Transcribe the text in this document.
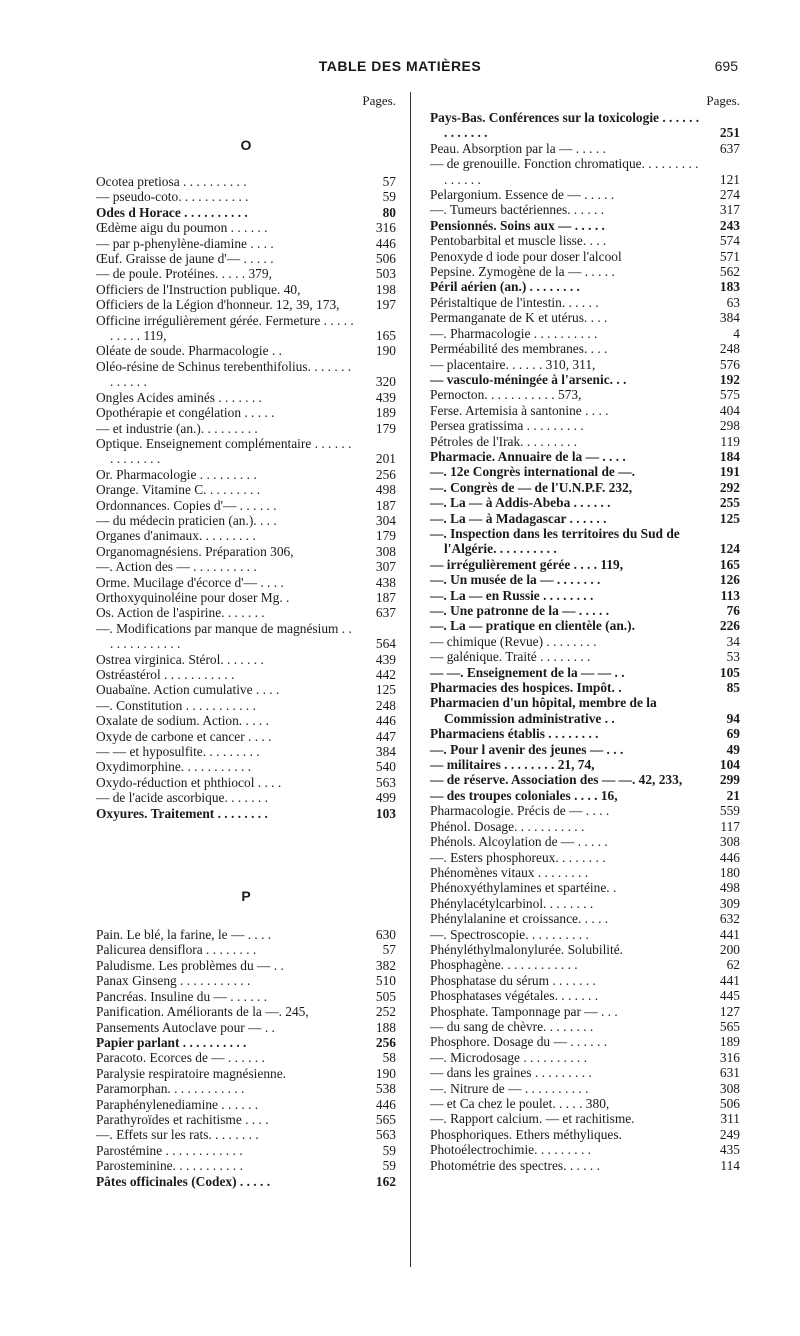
TABLE DES MATIÈRES	695
Pages.
O
Ocotea pretiosa . . . . . . . . . .	57
— pseudo-coto. . . . . . . . . . .	59
Odes d Horace . . . . . . . . . .	80
Œdème aigu du poumon . . . . . .	316
— par p-phenylène-diamine . . . .	446
Œuf. Graisse de jaune d'— . . . . .	506
— de poule. Protéines. . . . . 379,	503
Officiers de l'Instruction publique. 40,	198
Officiers de la Légion d'honneur. 12, 39, 173,	197
Officine irrégulièrement gérée. Fermeture . . . . . . . . . . 119,	165
Oléate de soude. Pharmacologie . .	190
Oléo-résine de Schinus terebenthifolius. . . . . . . . . . . . .	320
Ongles Acides aminés . . . . . . .	439
Opothérapie et congélation . . . . .	189
— et industrie (an.). . . . . . . . .	179
Optique. Enseignement complémentaire . . . . . . . . . . . . . .	201
Or. Pharmacologie . . . . . . . . .	256
Orange. Vitamine C. . . . . . . . .	498
Ordonnances. Copies d'— . . . . . .	187
— du médecin praticien (an.). . . .	304
Organes d'animaux. . . . . . . . .	179
Organomagnésiens. Préparation 306,	308
—. Action des — . . . . . . . . . .	307
Orme. Mucilage d'écorce d'— . . . .	438
Orthoxyquinoléine pour doser Mg. .	187
Os. Action de l'aspirine. . . . . . .	637
—. Modifications par manque de magnésium . . . . . . . . . . . . .	564
Ostrea virginica. Stérol. . . . . . .	439
Ostréastérol . . . . . . . . . . .	442
Ouabaïne. Action cumulative . . . .	125
—. Constitution . . . . . . . . . . .	248
Oxalate de sodium. Action. . . . .	446
Oxyde de carbone et cancer . . . .	447
— — et hyposulfite. . . . . . . . .	384
Oxydimorphine. . . . . . . . . . .	540
Oxydo-réduction et phthiocol . . . .	563
— de l'acide ascorbique. . . . . . .	499
Oxyures. Traitement . . . . . . . .	103
P
Pain. Le blé, la farine, le — . . . .	630
Palicurea densiflora . . . . . . . .	57
Paludisme. Les problèmes du — . .	382
Panax Ginseng . . . . . . . . . . .	510
Pancréas. Insuline du — . . . . . .	505
Panification. Améliorants de la —. 245,	252
Pansements Autoclave pour — . .	188
Papier parlant . . . . . . . . . .	256
Paracoto. Ecorces de — . . . . . .	58
Paralysie respiratoire magnésienne.	190
Paramorphan. . . . . . . . . . . .	538
Paraphénylenediamine . . . . . .	446
Parathyroïdes et rachitisme . . . .	565
—. Effets sur les rats. . . . . . . .	563
Parostémine . . . . . . . . . . . .	59
Parosteminine. . . . . . . . . . .	59
Pâtes officinales (Codex) . . . . .	162
Pages.
Pays-Bas. Conférences sur la toxicologie . . . . . . . . . . . . .	251
Peau. Absorption par la — . . . . .	637
— de grenouille. Fonction chromatique. . . . . . . . . . . . . . .	121
Pelargonium. Essence de — . . . . .	274
—. Tumeurs bactériennes. . . . . .	317
Pensionnés. Soins aux — . . . . .	243
Pentobarbital et muscle lisse. . . .	574
Penoxyde d iode pour doser l'alcool	571
Pepsine. Zymogène de la — . . . . .	562
Péril aérien (an.) . . . . . . . .	183
Péristaltique de l'intestin. . . . . .	63
Permanganate de K et utérus. . . .	384
—. Pharmacologie . . . . . . . . . .	4
Perméabilité des membranes. . . .	248
— placentaire. . . . . . 310, 311,	576
— vasculo-méningée à l'arsenic. . .	192
Pernocton. . . . . . . . . . . 573,	575
Ferse. Artemisia à santonine . . . .	404
Persea gratissima . . . . . . . . .	298
Pétroles de l'Irak. . . . . . . . .	119
Pharmacie. Annuaire de la — . . . .	184
—. 12e Congrès international de —.	191
—. Congrès de — de l'U.N.P.F. 232,	292
—. La — à Addis-Abeba . . . . . .	255
—. La — à Madagascar . . . . . .	125
—. Inspection dans les territoires du Sud de l'Algérie. . . . . . . . . .	124
— irrégulièrement gérée . . . . 119,	165
—. Un musée de la — . . . . . . .	126
—. La — en Russie . . . . . . . .	113
—. Une patronne de la — . . . . .	76
—. La — pratique en clientèle (an.).	226
— chimique (Revue) . . . . . . . .	34
— galénique. Traité . . . . . . . .	53
— —. Enseignement de la — — . .	105
Pharmacies des hospices. Impôt. .	85
Pharmacien d'un hôpital, membre de la Commission administrative . .	94
Pharmaciens établis . . . . . . . .	69
—. Pour l avenir des jeunes — . . .	49
— militaires . . . . . . . . 21, 74,	104
— de réserve. Association des — —. 42, 233,	299
— des troupes coloniales . . . . 16,	21
Pharmacologie. Précis de — . . . .	559
Phénol. Dosage. . . . . . . . . . .	117
Phénols. Alcoylation de — . . . . .	308
—. Esters phosphoreux. . . . . . . .	446
Phénomènes vitaux . . . . . . . .	180
Phénoxyéthylamines et spartéine. .	498
Phénylacétylcarbinol. . . . . . . .	309
Phénylalanine et croissance. . . . .	632
—. Spectroscopie. . . . . . . . . .	441
Phényléthylmalonylurée. Solubilité.	200
Phosphagène. . . . . . . . . . . .	62
Phosphatase du sérum . . . . . . .	441
Phosphatases végétales. . . . . . .	445
Phosphate. Tamponnage par — . . .	127
— du sang de chèvre. . . . . . . .	565
Phosphore. Dosage du — . . . . . .	189
—. Microdosage . . . . . . . . . .	316
— dans les graines . . . . . . . . .	631
—. Nitrure de — . . . . . . . . . .	308
— et Ca chez le poulet. . . . . 380,	506
—. Rapport calcium. — et rachitisme.	311
Phosphoriques. Ethers méthyliques.	249
Photoélectrochimie. . . . . . . . .	435
Photométrie des spectres. . . . . .	114
